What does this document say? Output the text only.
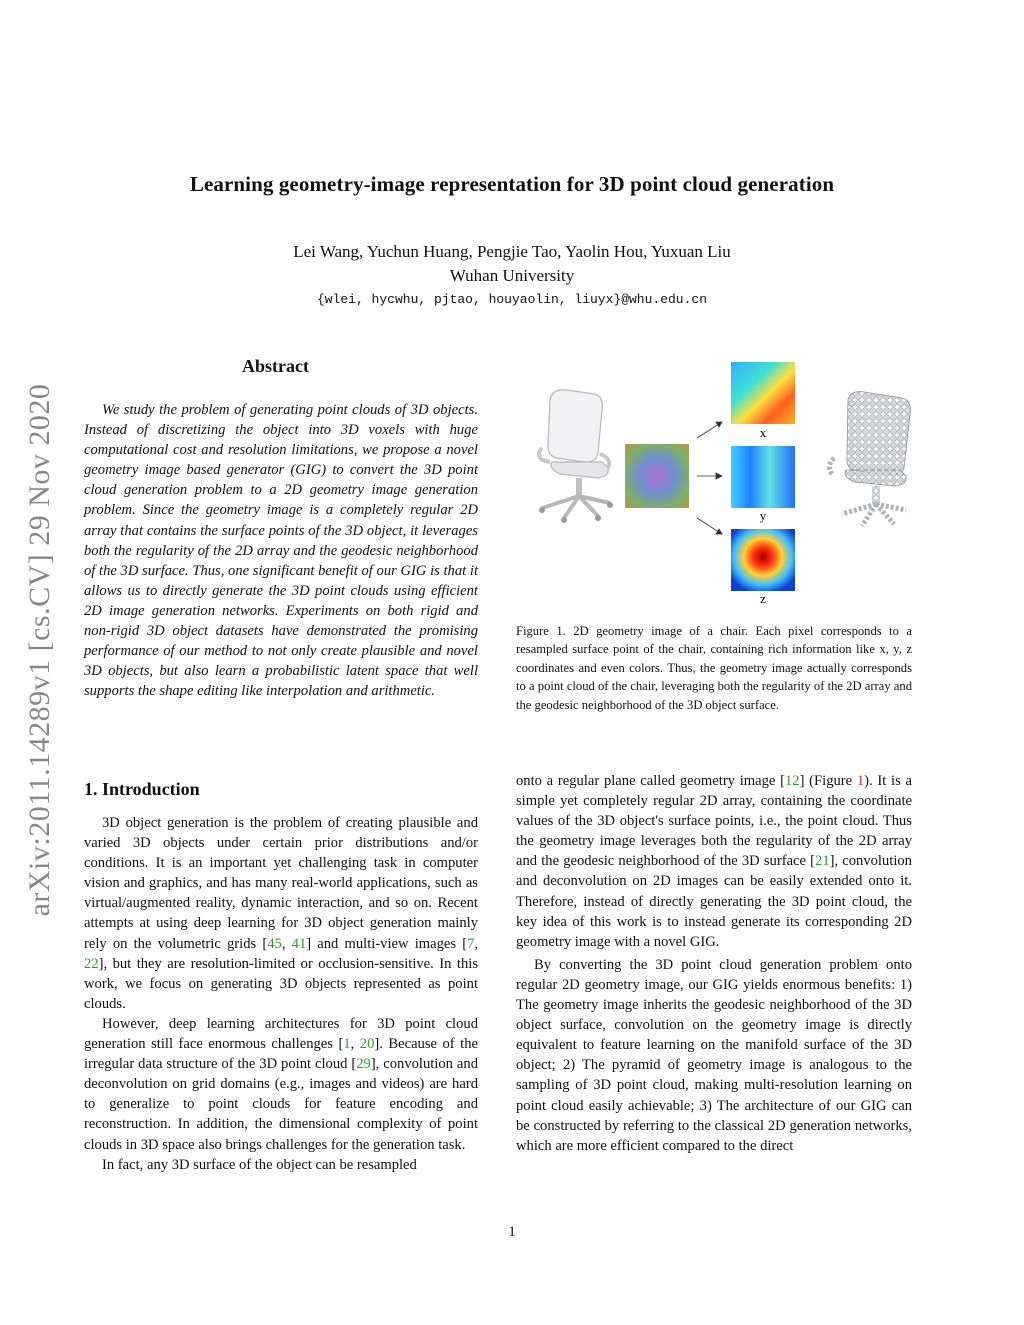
arXiv:2011.14289v1 [cs.CV] 29 Nov 2020
Learning geometry-image representation for 3D point cloud generation
Lei Wang, Yuchun Huang, Pengjie Tao, Yaolin Hou, Yuxuan Liu
Wuhan University
{wlei, hycwhu, pjtao, houyaolin, liuyx}@whu.edu.cn
Abstract

We study the problem of generating point clouds of 3D objects. Instead of discretizing the object into 3D voxels with huge computational cost and resolution limitations, we propose a novel geometry image based generator (GIG) to convert the 3D point cloud generation problem to a 2D geometry image generation problem. Since the geometry image is a completely regular 2D array that contains the surface points of the 3D object, it leverages both the regularity of the 2D array and the geodesic neighborhood of the 3D surface. Thus, one significant benefit of our GIG is that it allows us to directly generate the 3D point clouds using efficient 2D image generation networks. Experiments on both rigid and non-rigid 3D object datasets have demonstrated the promising performance of our method to not only create plausible and novel 3D objects, but also learn a probabilistic latent space that well supports the shape editing like interpolation and arithmetic.

x
y
z
Figure 1. 2D geometry image of a chair. Each pixel corresponds to a resampled surface point of the chair, containing rich information like x, y, z coordinates and even colors. Thus, the geometry image actually corresponds to a point cloud of the chair, leveraging both the regularity of the 2D array and the geodesic neighborhood of the 3D object surface.
1. Introduction

3D object generation is the problem of creating plausible and varied 3D objects under certain prior distributions and/or conditions. It is an important yet challenging task in computer vision and graphics, and has many real-world applications, such as virtual/augmented reality, dynamic interaction, and so on. Recent attempts at using deep learning for 3D object generation mainly rely on the volumetric grids [45, 41] and multi-view images [7, 22], but they are resolution-limited or occlusion-sensitive. In this work, we focus on generating 3D objects represented as point clouds.

However, deep learning architectures for 3D point cloud generation still face enormous challenges [1, 20]. Because of the irregular data structure of the 3D point cloud [29], convolution and deconvolution on grid domains (e.g., images and videos) are hard to generalize to point clouds for feature encoding and reconstruction. In addition, the dimensional complexity of point clouds in 3D space also brings challenges for the generation task.

In fact, any 3D surface of the object can be resampled

onto a regular plane called geometry image [12] (Figure 1). It is a simple yet completely regular 2D array, containing the coordinate values of the 3D object's surface points, i.e., the point cloud. Thus the geometry image leverages both the regularity of the 2D array and the geodesic neighborhood of the 3D surface [21], convolution and deconvolution on 2D images can be easily extended onto it. Therefore, instead of directly generating the 3D point cloud, the key idea of this work is to instead generate its corresponding 2D geometry image with a novel GIG.

By converting the 3D point cloud generation problem onto regular 2D geometry image, our GIG yields enormous benefits: 1) The geometry image inherits the geodesic neighborhood of the 3D object surface, convolution on the geometry image is directly equivalent to feature learning on the manifold surface of the 3D object; 2) The pyramid of geometry image is analogous to the sampling of 3D point cloud, making multi-resolution learning on point cloud easily achievable; 3) The architecture of our GIG can be constructed by referring to the classical 2D generation networks, which are more efficient compared to the direct

1
